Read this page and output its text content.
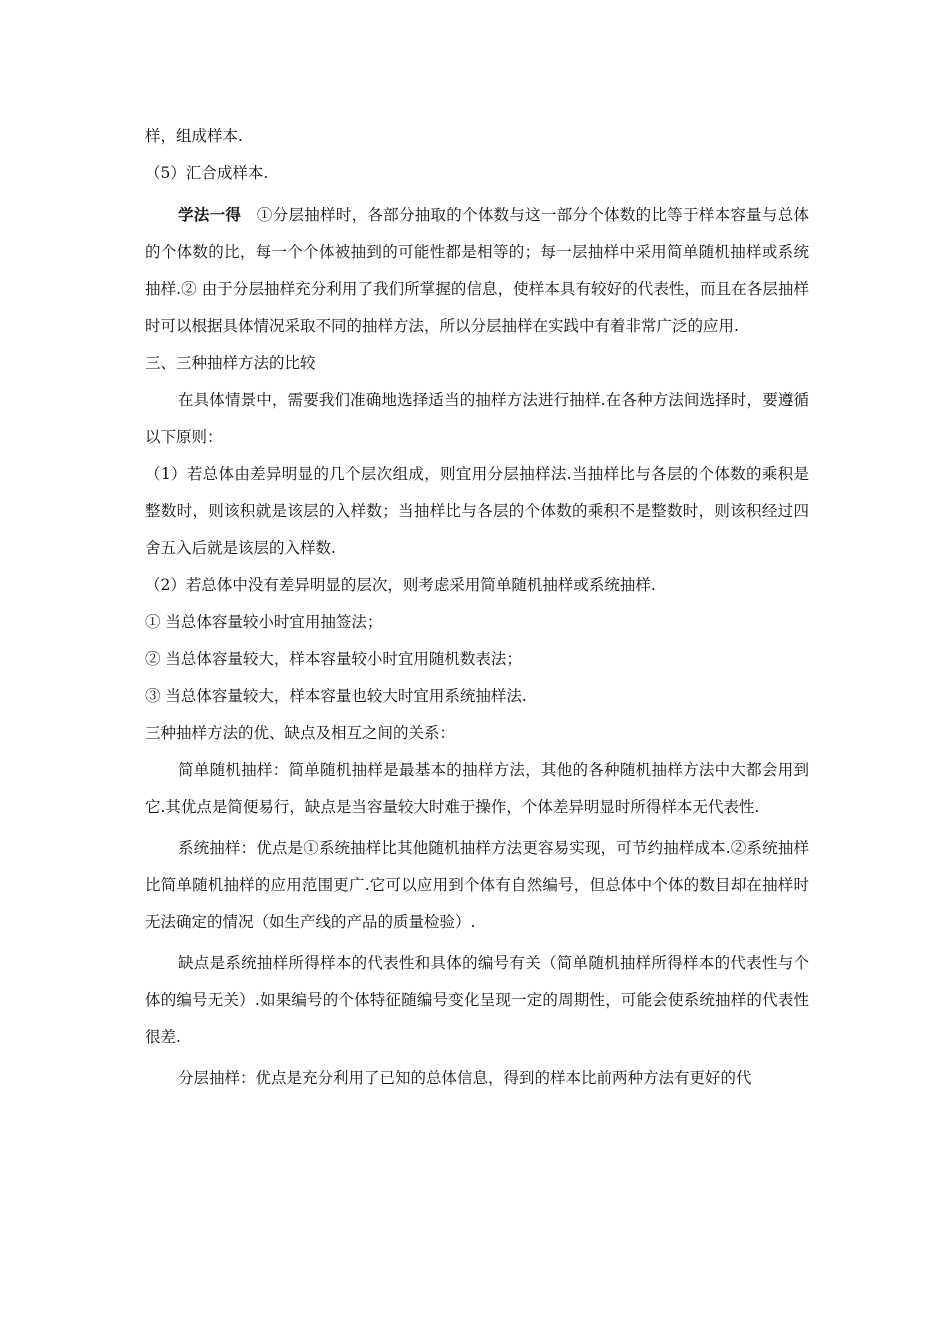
样，组成样本.

（5）汇合成样本.

学法一得　①分层抽样时，各部分抽取的个体数与这一部分个体数的比等于样本容量与总体的个体数的比，每一个个体被抽到的可能性都是相等的；每一层抽样中采用简单随机抽样或系统抽样.② 由于分层抽样充分利用了我们所掌握的信息，使样本具有较好的代表性，而且在各层抽样时可以根据具体情况采取不同的抽样方法，所以分层抽样在实践中有着非常广泛的应用.

三、三种抽样方法的比较

在具体情景中，需要我们准确地选择适当的抽样方法进行抽样.在各种方法间选择时，要遵循以下原则：

（1）若总体由差异明显的几个层次组成，则宜用分层抽样法.当抽样比与各层的个体数的乘积是整数时，则该积就是该层的入样数；当抽样比与各层的个体数的乘积不是整数时，则该积经过四舍五入后就是该层的入样数.

（2）若总体中没有差异明显的层次，则考虑采用简单随机抽样或系统抽样.

① 当总体容量较小时宜用抽签法；

② 当总体容量较大，样本容量较小时宜用随机数表法；

③ 当总体容量较大，样本容量也较大时宜用系统抽样法.

三种抽样方法的优、缺点及相互之间的关系：

简单随机抽样：简单随机抽样是最基本的抽样方法，其他的各种随机抽样方法中大都会用到它.其优点是简便易行，缺点是当容量较大时难于操作，个体差异明显时所得样本无代表性.

系统抽样：优点是①系统抽样比其他随机抽样方法更容易实现，可节约抽样成本.②系统抽样比简单随机抽样的应用范围更广.它可以应用到个体有自然编号，但总体中个体的数目却在抽样时无法确定的情况（如生产线的产品的质量检验）.

缺点是系统抽样所得样本的代表性和具体的编号有关（简单随机抽样所得样本的代表性与个体的编号无关）.如果编号的个体特征随编号变化呈现一定的周期性，可能会使系统抽样的代表性很差.

分层抽样：优点是充分利用了已知的总体信息，得到的样本比前两种方法有更好的代
